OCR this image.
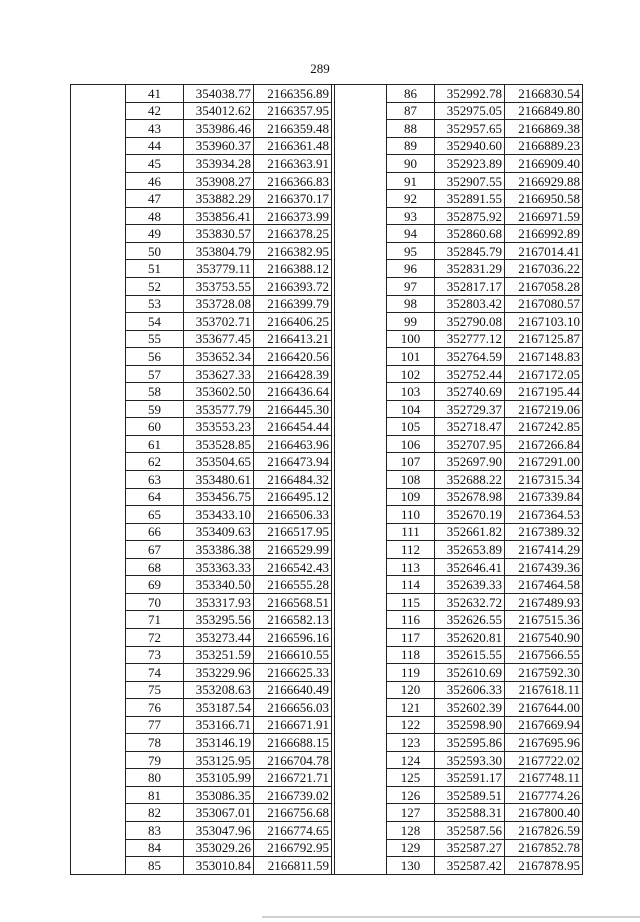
289
	41	354038.77	2166356.89			86	352992.78	2166830.54
	42	354012.62	2166357.95			87	352975.05	2166849.80
	43	353986.46	2166359.48			88	352957.65	2166869.38
	44	353960.37	2166361.48			89	352940.60	2166889.23
	45	353934.28	2166363.91			90	352923.89	2166909.40
	46	353908.27	2166366.83			91	352907.55	2166929.88
	47	353882.29	2166370.17			92	352891.55	2166950.58
	48	353856.41	2166373.99			93	352875.92	2166971.59
	49	353830.57	2166378.25			94	352860.68	2166992.89
	50	353804.79	2166382.95			95	352845.79	2167014.41
	51	353779.11	2166388.12			96	352831.29	2167036.22
	52	353753.55	2166393.72			97	352817.17	2167058.28
	53	353728.08	2166399.79			98	352803.42	2167080.57
	54	353702.71	2166406.25			99	352790.08	2167103.10
	55	353677.45	2166413.21			100	352777.12	2167125.87
	56	353652.34	2166420.56			101	352764.59	2167148.83
	57	353627.33	2166428.39			102	352752.44	2167172.05
	58	353602.50	2166436.64			103	352740.69	2167195.44
	59	353577.79	2166445.30			104	352729.37	2167219.06
	60	353553.23	2166454.44			105	352718.47	2167242.85
	61	353528.85	2166463.96			106	352707.95	2167266.84
	62	353504.65	2166473.94			107	352697.90	2167291.00
	63	353480.61	2166484.32			108	352688.22	2167315.34
	64	353456.75	2166495.12			109	352678.98	2167339.84
	65	353433.10	2166506.33			110	352670.19	2167364.53
	66	353409.63	2166517.95			111	352661.82	2167389.32
	67	353386.38	2166529.99			112	352653.89	2167414.29
	68	353363.33	2166542.43			113	352646.41	2167439.36
	69	353340.50	2166555.28			114	352639.33	2167464.58
	70	353317.93	2166568.51			115	352632.72	2167489.93
	71	353295.56	2166582.13			116	352626.55	2167515.36
	72	353273.44	2166596.16			117	352620.81	2167540.90
	73	353251.59	2166610.55			118	352615.55	2167566.55
	74	353229.96	2166625.33			119	352610.69	2167592.30
	75	353208.63	2166640.49			120	352606.33	2167618.11
	76	353187.54	2166656.03			121	352602.39	2167644.00
	77	353166.71	2166671.91			122	352598.90	2167669.94
	78	353146.19	2166688.15			123	352595.86	2167695.96
	79	353125.95	2166704.78			124	352593.30	2167722.02
	80	353105.99	2166721.71			125	352591.17	2167748.11
	81	353086.35	2166739.02			126	352589.51	2167774.26
	82	353067.01	2166756.68			127	352588.31	2167800.40
	83	353047.96	2166774.65			128	352587.56	2167826.59
	84	353029.26	2166792.95			129	352587.27	2167852.78
	85	353010.84	2166811.59			130	352587.42	2167878.95
